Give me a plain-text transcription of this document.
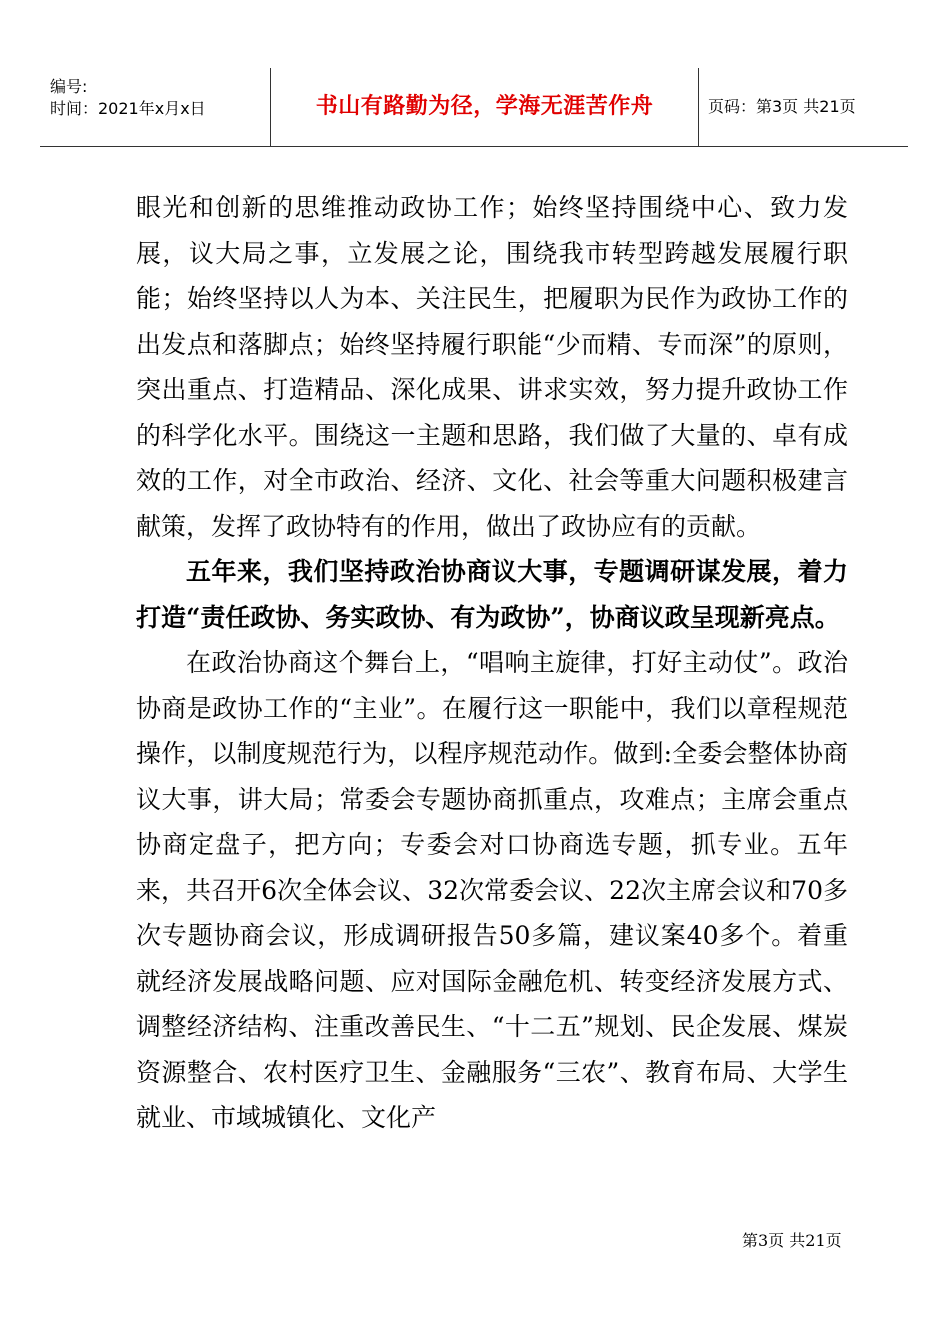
编号:
时间：2021年x月x日	书山有路勤为径，学海无涯苦作舟	页码：第3页 共21页

眼光和创新的思维推动政协工作；始终坚持围绕中心、致力发展，议大局之事，立发展之论，围绕我市转型跨越发展履行职能；始终坚持以人为本、关注民生，把履职为民作为政协工作的出发点和落脚点；始终坚持履行职能“少而精、专而深”的原则，突出重点、打造精品、深化成果、讲求实效，努力提升政协工作的科学化水平。围绕这一主题和思路，我们做了大量的、卓有成效的工作，对全市政治、经济、文化、社会等重大问题积极建言献策，发挥了政协特有的作用，做出了政协应有的贡献。

五年来，我们坚持政治协商议大事，专题调研谋发展，着力打造“责任政协、务实政协、有为政协”，协商议政呈现新亮点。

在政治协商这个舞台上，“唱响主旋律，打好主动仗”。政治协商是政协工作的“主业”。在履行这一职能中，我们以章程规范操作，以制度规范行为，以程序规范动作。做到:全委会整体协商议大事，讲大局；常委会专题协商抓重点，攻难点；主席会重点协商定盘子，把方向；专委会对口协商选专题，抓专业。五年来，共召开6次全体会议、32次常委会议、22次主席会议和70多次专题协商会议，形成调研报告50多篇，建议案40多个。着重就经济发展战略问题、应对国际金融危机、转变经济发展方式、调整经济结构、注重改善民生、“十二五”规划、民企发展、煤炭资源整合、农村医疗卫生、金融服务“三农”、教育布局、大学生就业、市域城镇化、文化产

第3页 共21页
